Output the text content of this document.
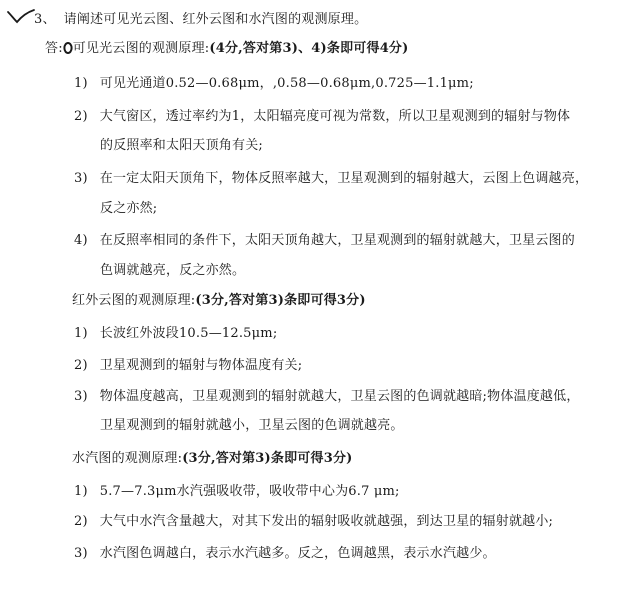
3、 请阐述可见光云图、红外云图和水汽图的观测原理。
答: 可见光云图的观测原理:(4分,答对第3)、4)条即可得4分)
1) 可见光通道0.52—0.68μm，,0.58—0.68μm,0.725—1.1μm;
2) 大气窗区，透过率约为1，太阳辐亮度可视为常数，所以卫星观测到的辐射与物体
的反照率和太阳天顶角有关;
3) 在一定太阳天顶角下，物体反照率越大，卫星观测到的辐射越大，云图上色调越亮，
反之亦然;
4) 在反照率相同的条件下，太阳天顶角越大，卫星观测到的辐射就越大，卫星云图的
色调就越亮，反之亦然。
红外云图的观测原理:(3分,答对第3)条即可得3分)
1) 长波红外波段10.5—12.5μm;
2) 卫星观测到的辐射与物体温度有关;
3) 物体温度越高，卫星观测到的辐射就越大，卫星云图的色调就越暗;物体温度越低，
卫星观测到的辐射就越小，卫星云图的色调就越亮。
水汽图的观测原理:(3分,答对第3)条即可得3分)
1) 5.7—7.3μm水汽强吸收带，吸收带中心为6.7 μm;
2) 大气中水汽含量越大，对其下发出的辐射吸收就越强，到达卫星的辐射就越小;
3) 水汽图色调越白，表示水汽越多。反之，色调越黑，表示水汽越少。
